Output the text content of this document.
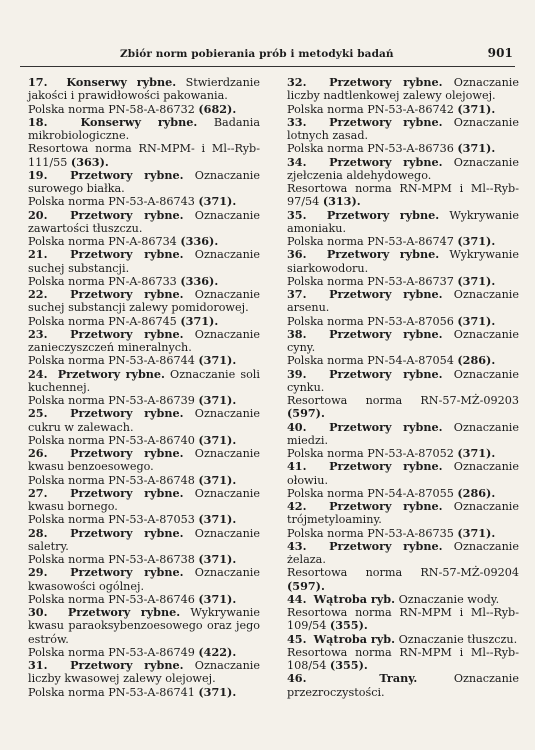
Zbiór norm pobierania prób i metodyki badań	901
17. Konserwy rybne. Stwierdzanie jakości i prawidłowości pakowania.
Polska norma PN-58-A-86732 (682).
18.	Konserwy rybne. Badania mikrobiologiczne.
Resortowa norma RN-MPM- i Ml--Ryb-111/55 (363).
19. Przetwory rybne. Oznaczanie surowego białka.
Polska norma PN-53-A-86743 (371).
20. Przetwory rybne. Oznaczanie zawartości tłuszczu.
Polska norma PN-A-86734 (336).
21. Przetwory rybne. Oznaczanie suchej substancji.
Polska norma PN-A-86733 (336).
22. Przetwory rybne. Oznaczanie suchej substancji zalewy pomidorowej.
Polska norma PN-A-86745 (371).
23. Przetwory rybne. Oznaczanie zanieczyszczeń mineralnych.
Polska norma PN-53-A-86744 (371).
24. Przetwory rybne. Oznaczanie soli kuchennej.
Polska norma PN-53-A-86739 (371).
25. Przetwory rybne. Oznaczanie cukru w zalewach.
Polska norma PN-53-A-86740 (371).
26. Przetwory rybne. Oznaczanie kwasu benzoesowego.
Polska norma PN-53-A-86748 (371).
27. Przetwory rybne. Oznaczanie kwasu bornego.
Polska norma PN-53-A-87053 (371).
28. Przetwory rybne. Oznaczanie saletry.
Polska norma PN-53-A-86738 (371).
29. Przetwory rybne. Oznaczanie kwasowości ogólnej.
Polska norma PN-53-A-86746 (371).
30. Przetwory rybne. Wykrywanie kwasu paraoksybenzoesowego oraz jego estrów.
Polska norma PN-53-A-86749 (422).
31. Przetwory rybne. Oznaczanie liczby kwasowej zalewy olejowej.
Polska norma PN-53-A-86741 (371).
32. Przetwory rybne. Oznaczanie liczby nadtlenkowej zalewy olejowej.
Polska norma PN-53-A-86742 (371).
33. Przetwory rybne. Oznaczanie lotnych zasad.
Polska norma PN-53-A-86736 (371).
34. Przetwory rybne. Oznaczanie zjełczenia aldehydowego.
Resortowa norma RN-MPM i Ml--Ryb-97/54 (313).
35. Przetwory rybne. Wykrywanie amoniaku.
Polska norma PN-53-A-86747 (371).
36. Przetwory rybne. Wykrywanie siarkowodoru.
Polska norma PN-53-A-86737 (371).
37. Przetwory rybne. Oznaczanie arsenu.
Polska norma PN-53-A-87056 (371).
38. Przetwory rybne. Oznaczanie cyny.
Polska norma PN-54-A-87054 (286).
39. Przetwory rybne. Oznaczanie cynku.
Resortowa norma RN-57-MŻ-09203 (597).
40. Przetwory rybne. Oznaczanie miedzi.
Polska norma PN-53-A-87052 (371).
41. Przetwory rybne. Oznaczanie ołowiu.
Polska norma PN-54-A-87055 (286).
42. Przetwory rybne. Oznaczanie trójmetyloaminy.
Polska norma PN-53-A-86735 (371).
43. Przetwory rybne. Oznaczanie żelaza.
Resortowa norma RN-57-MŻ-09204 (597).
44. Wątroba ryb. Oznaczanie wody.
Resortowa norma RN-MPM i Ml--Ryb-109/54 (355).
45. Wątroba ryb. Oznaczanie tłuszczu.
Resortowa norma RN-MPM i Ml--Ryb-108/54 (355).
46.	Trany.	Oznaczanie przezroczystości.
